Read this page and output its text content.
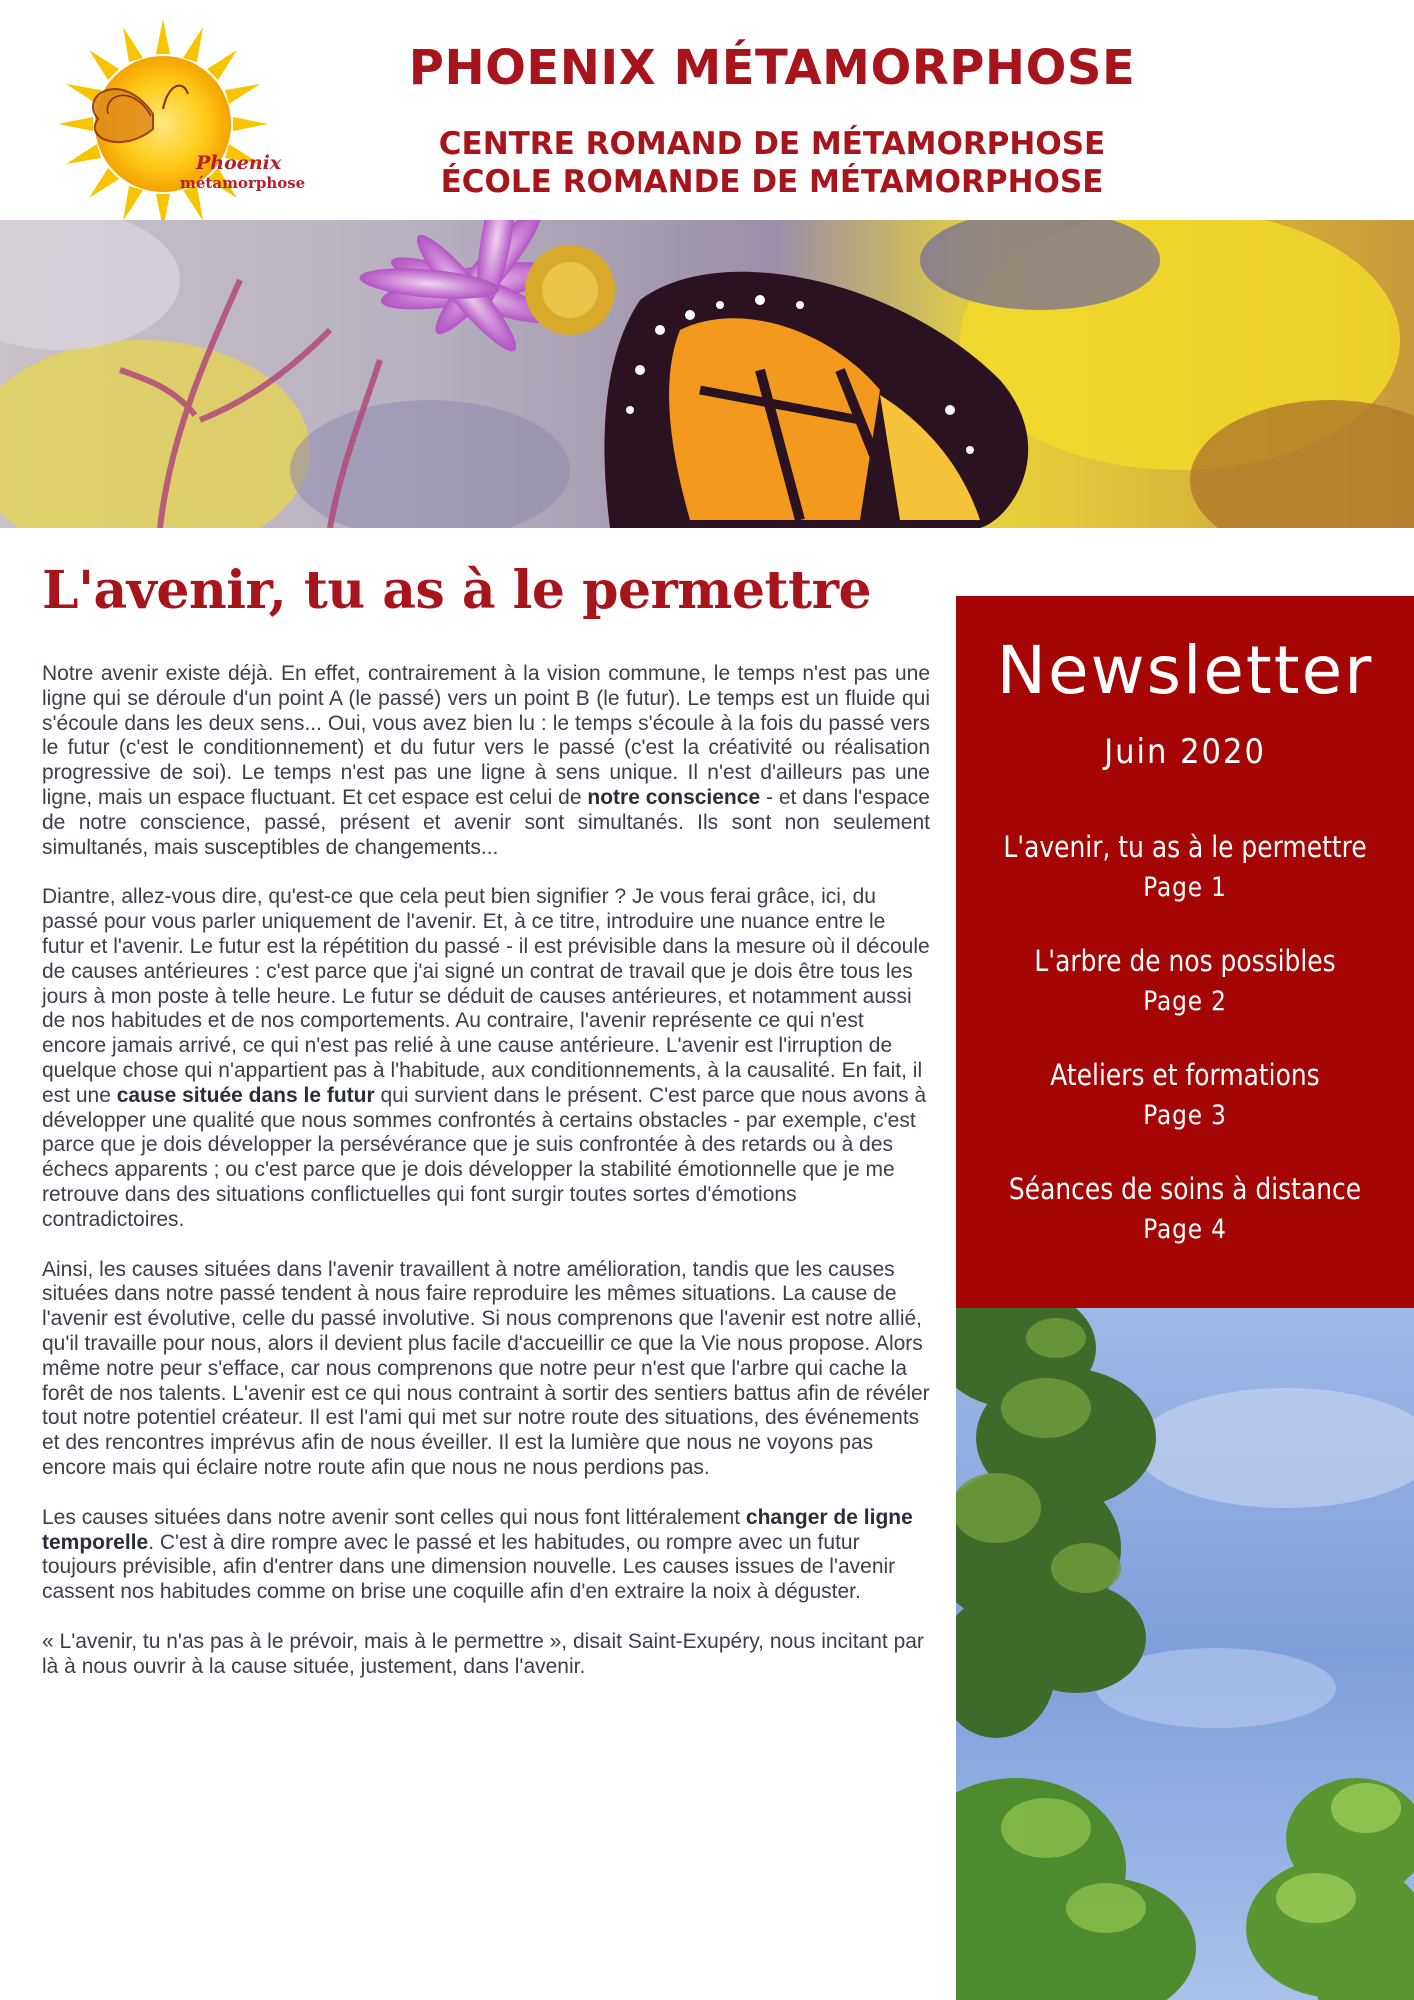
Phoenix
métamorphose
PHOENIX MÉTAMORPHOSE
CENTRE ROMAND DE MÉTAMORPHOSE
ÉCOLE ROMANDE DE MÉTAMORPHOSE
L'avenir, tu as à le permettre

Notre avenir existe déjà. En effet, contrairement à la vision commune, le temps n'est pas une ligne qui se déroule d'un point A (le passé) vers un point B (le futur). Le temps est un fluide qui s'écoule dans les deux sens... Oui, vous avez bien lu : le temps s'écoule à la fois du passé vers le futur (c'est le conditionnement) et du futur vers le passé (c'est la créativité ou réalisation progressive de soi). Le temps n'est pas une ligne à sens unique. Il n'est d'ailleurs pas une ligne, mais un espace fluctuant. Et cet espace est celui de notre conscience - et dans l'espace de notre conscience, passé, présent et avenir sont simultanés. Ils sont non seulement simultanés, mais susceptibles de changements...

Diantre, allez-vous dire, qu'est-ce que cela peut bien signifier ? Je vous ferai grâce, ici, du passé pour vous parler uniquement de l'avenir. Et, à ce titre, introduire une nuance entre le futur et l'avenir. Le futur est la répétition du passé - il est prévisible dans la mesure où il découle de causes antérieures : c'est parce que j'ai signé un contrat de travail que je dois être tous les jours à mon poste à telle heure. Le futur se déduit de causes antérieures, et notamment aussi de nos habitudes et de nos comportements. Au contraire, l'avenir représente ce qui n'est encore jamais arrivé, ce qui n'est pas relié à une cause antérieure. L'avenir est l'irruption de quelque chose qui n'appartient pas à l'habitude, aux conditionnements, à la causalité. En fait, il est une cause située dans le futur qui survient dans le présent. C'est parce que nous avons à développer une qualité que nous sommes confrontés à certains obstacles - par exemple, c'est parce que je dois développer la persévérance que je suis confrontée à des retards ou à des échecs apparents ; ou c'est parce que je dois développer la stabilité émotionnelle que je me retrouve dans des situations conflictuelles qui font surgir toutes sortes d'émotions contradictoires.

Ainsi, les causes situées dans l'avenir travaillent à notre amélioration, tandis que les causes situées dans notre passé tendent à nous faire reproduire les mêmes situations. La cause de l'avenir est évolutive, celle du passé involutive. Si nous comprenons que l'avenir est notre allié, qu'il travaille pour nous, alors il devient plus facile d'accueillir ce que la Vie nous propose. Alors même notre peur s'efface, car nous comprenons que notre peur n'est que l'arbre qui cache la forêt de nos talents. L'avenir est ce qui nous contraint à sortir des sentiers battus afin de révéler tout notre potentiel créateur. Il est l'ami qui met sur notre route des situations, des événements et des rencontres imprévus afin de nous éveiller. Il est la lumière que nous ne voyons pas encore mais qui éclaire notre route afin que nous ne nous perdions pas.

Les causes situées dans notre avenir sont celles qui nous font littéralement changer de ligne temporelle. C'est à dire rompre avec le passé et les habitudes, ou rompre avec un futur toujours prévisible, afin d'entrer dans une dimension nouvelle. Les causes issues de l'avenir cassent nos habitudes comme on brise une coquille afin d'en extraire la noix à déguster.

« L'avenir, tu n'as pas à le prévoir, mais à le permettre », disait Saint-Exupéry, nous incitant par là à nous ouvrir à la cause située, justement, dans l'avenir.

Newsletter
Juin 2020
L'avenir, tu as à le permettre
Page 1
L'arbre de nos possibles
Page 2
Ateliers et formations
Page 3
Séances de soins à distance
Page 4
